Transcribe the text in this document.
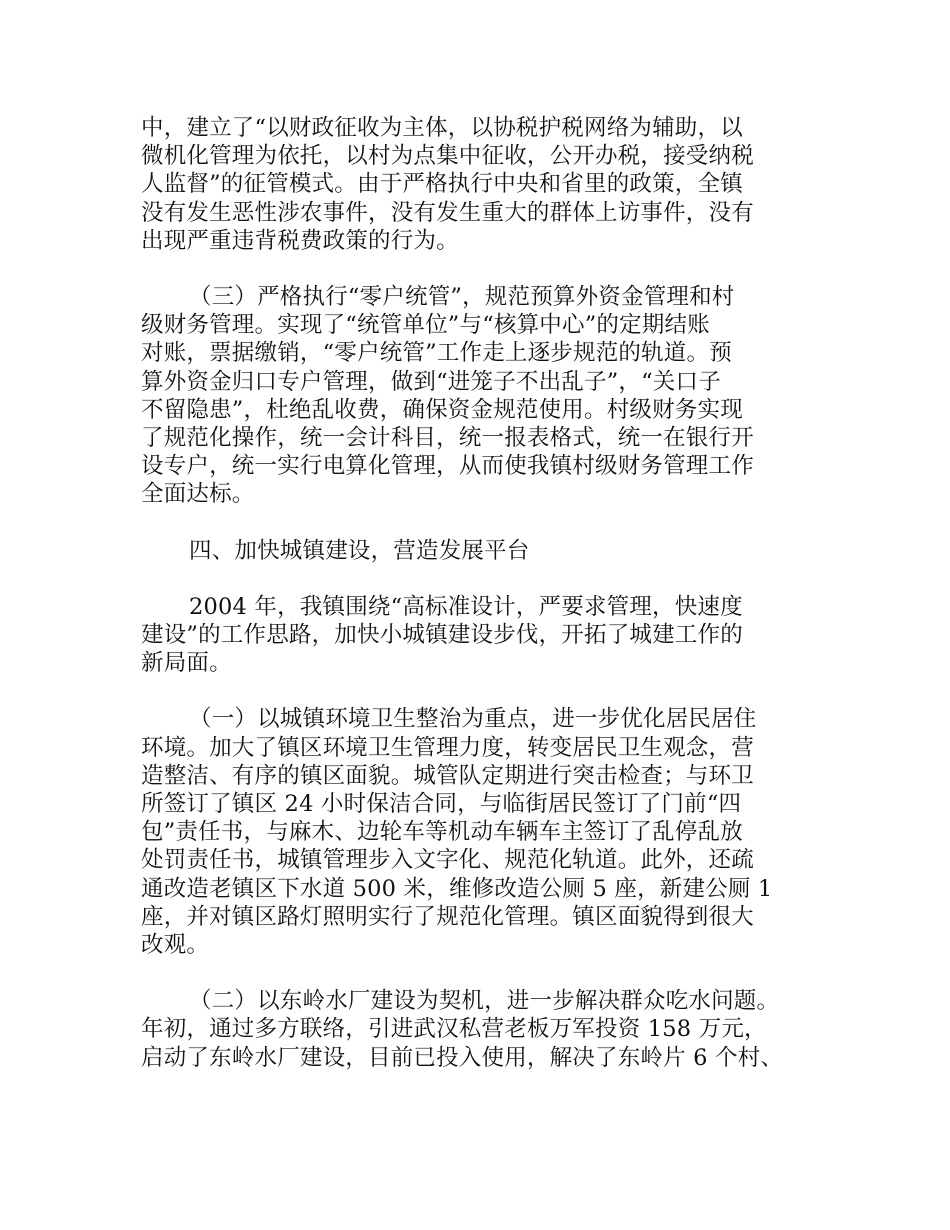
中，建立了“以财政征收为主体，以协税护税网络为辅助，以
微机化管理为依托，以村为点集中征收，公开办税，接受纳税
人监督”的征管模式。由于严格执行中央和省里的政策，全镇
没有发生恶性涉农事件，没有发生重大的群体上访事件，没有
出现严重违背税费政策的行为。
（三）严格执行“零户统管”，规范预算外资金管理和村
级财务管理。实现了“统管单位”与“核算中心”的定期结账
对账，票据缴销，“零户统管”工作走上逐步规范的轨道。预
算外资金归口专户管理，做到“进笼子不出乱子”，“关口子
不留隐患”，杜绝乱收费，确保资金规范使用。村级财务实现
了规范化操作，统一会计科目，统一报表格式，统一在银行开
设专户，统一实行电算化管理，从而使我镇村级财务管理工作
全面达标。
四、加快城镇建设，营造发展平台
2004 年，我镇围绕“高标准设计，严要求管理，快速度
建设”的工作思路，加快小城镇建设步伐，开拓了城建工作的
新局面。
（一）以城镇环境卫生整治为重点，进一步优化居民居住
环境。加大了镇区环境卫生管理力度，转变居民卫生观念，营
造整洁、有序的镇区面貌。城管队定期进行突击检查；与环卫
所签订了镇区 24 小时保洁合同，与临街居民签订了门前“四
包”责任书，与麻木、边轮车等机动车辆车主签订了乱停乱放
处罚责任书，城镇管理步入文字化、规范化轨道。此外，还疏
通改造老镇区下水道 500 米，维修改造公厕 5 座，新建公厕 1
座，并对镇区路灯照明实行了规范化管理。镇区面貌得到很大
改观。
（二）以东岭水厂建设为契机，进一步解决群众吃水问题。
年初，通过多方联络，引进武汉私营老板万军投资 158 万元，
启动了东岭水厂建设，目前已投入使用，解决了东岭片 6 个村、
